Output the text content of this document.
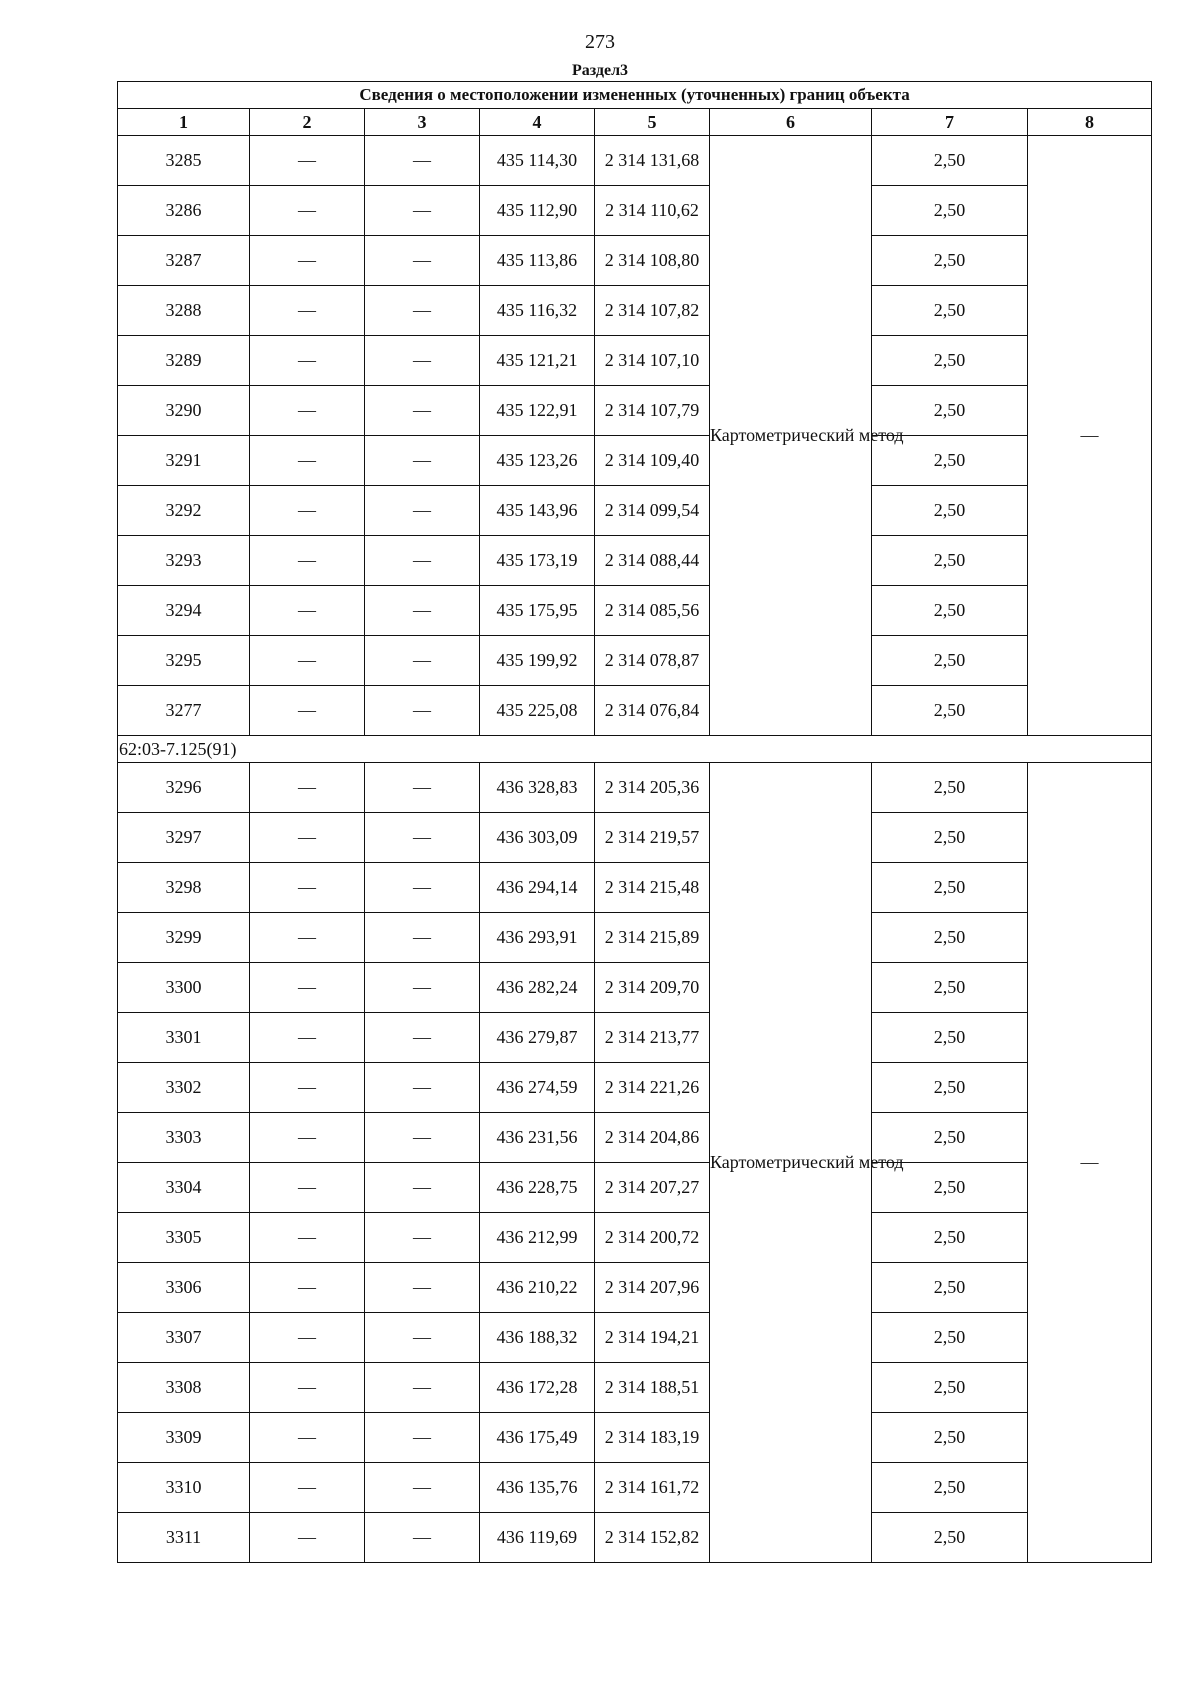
273
Раздел3
Сведения о местоположении измененных (уточненных) границ объекта							
1	2	3	4	5	6	7	8
3285	—	—	435 114,30	2 314 131,68	Картометрический метод	2,50	—
3286	—	—	435 112,90	2 314 110,62		2,50	
3287	—	—	435 113,86	2 314 108,80		2,50	
3288	—	—	435 116,32	2 314 107,82		2,50	
3289	—	—	435 121,21	2 314 107,10		2,50	
3290	—	—	435 122,91	2 314 107,79		2,50	
3291	—	—	435 123,26	2 314 109,40		2,50	
3292	—	—	435 143,96	2 314 099,54		2,50	
3293	—	—	435 173,19	2 314 088,44		2,50	
3294	—	—	435 175,95	2 314 085,56		2,50	
3295	—	—	435 199,92	2 314 078,87		2,50	
3277	—	—	435 225,08	2 314 076,84		2,50	
62:03-7.125(91)							
3296	—	—	436 328,83	2 314 205,36	Картометрический метод	2,50	—
3297	—	—	436 303,09	2 314 219,57		2,50	
3298	—	—	436 294,14	2 314 215,48		2,50	
3299	—	—	436 293,91	2 314 215,89		2,50	
3300	—	—	436 282,24	2 314 209,70		2,50	
3301	—	—	436 279,87	2 314 213,77		2,50	
3302	—	—	436 274,59	2 314 221,26		2,50	
3303	—	—	436 231,56	2 314 204,86		2,50	
3304	—	—	436 228,75	2 314 207,27		2,50	
3305	—	—	436 212,99	2 314 200,72		2,50	
3306	—	—	436 210,22	2 314 207,96		2,50	
3307	—	—	436 188,32	2 314 194,21		2,50	
3308	—	—	436 172,28	2 314 188,51		2,50	
3309	—	—	436 175,49	2 314 183,19		2,50	
3310	—	—	436 135,76	2 314 161,72		2,50	
3311	—	—	436 119,69	2 314 152,82		2,50	
